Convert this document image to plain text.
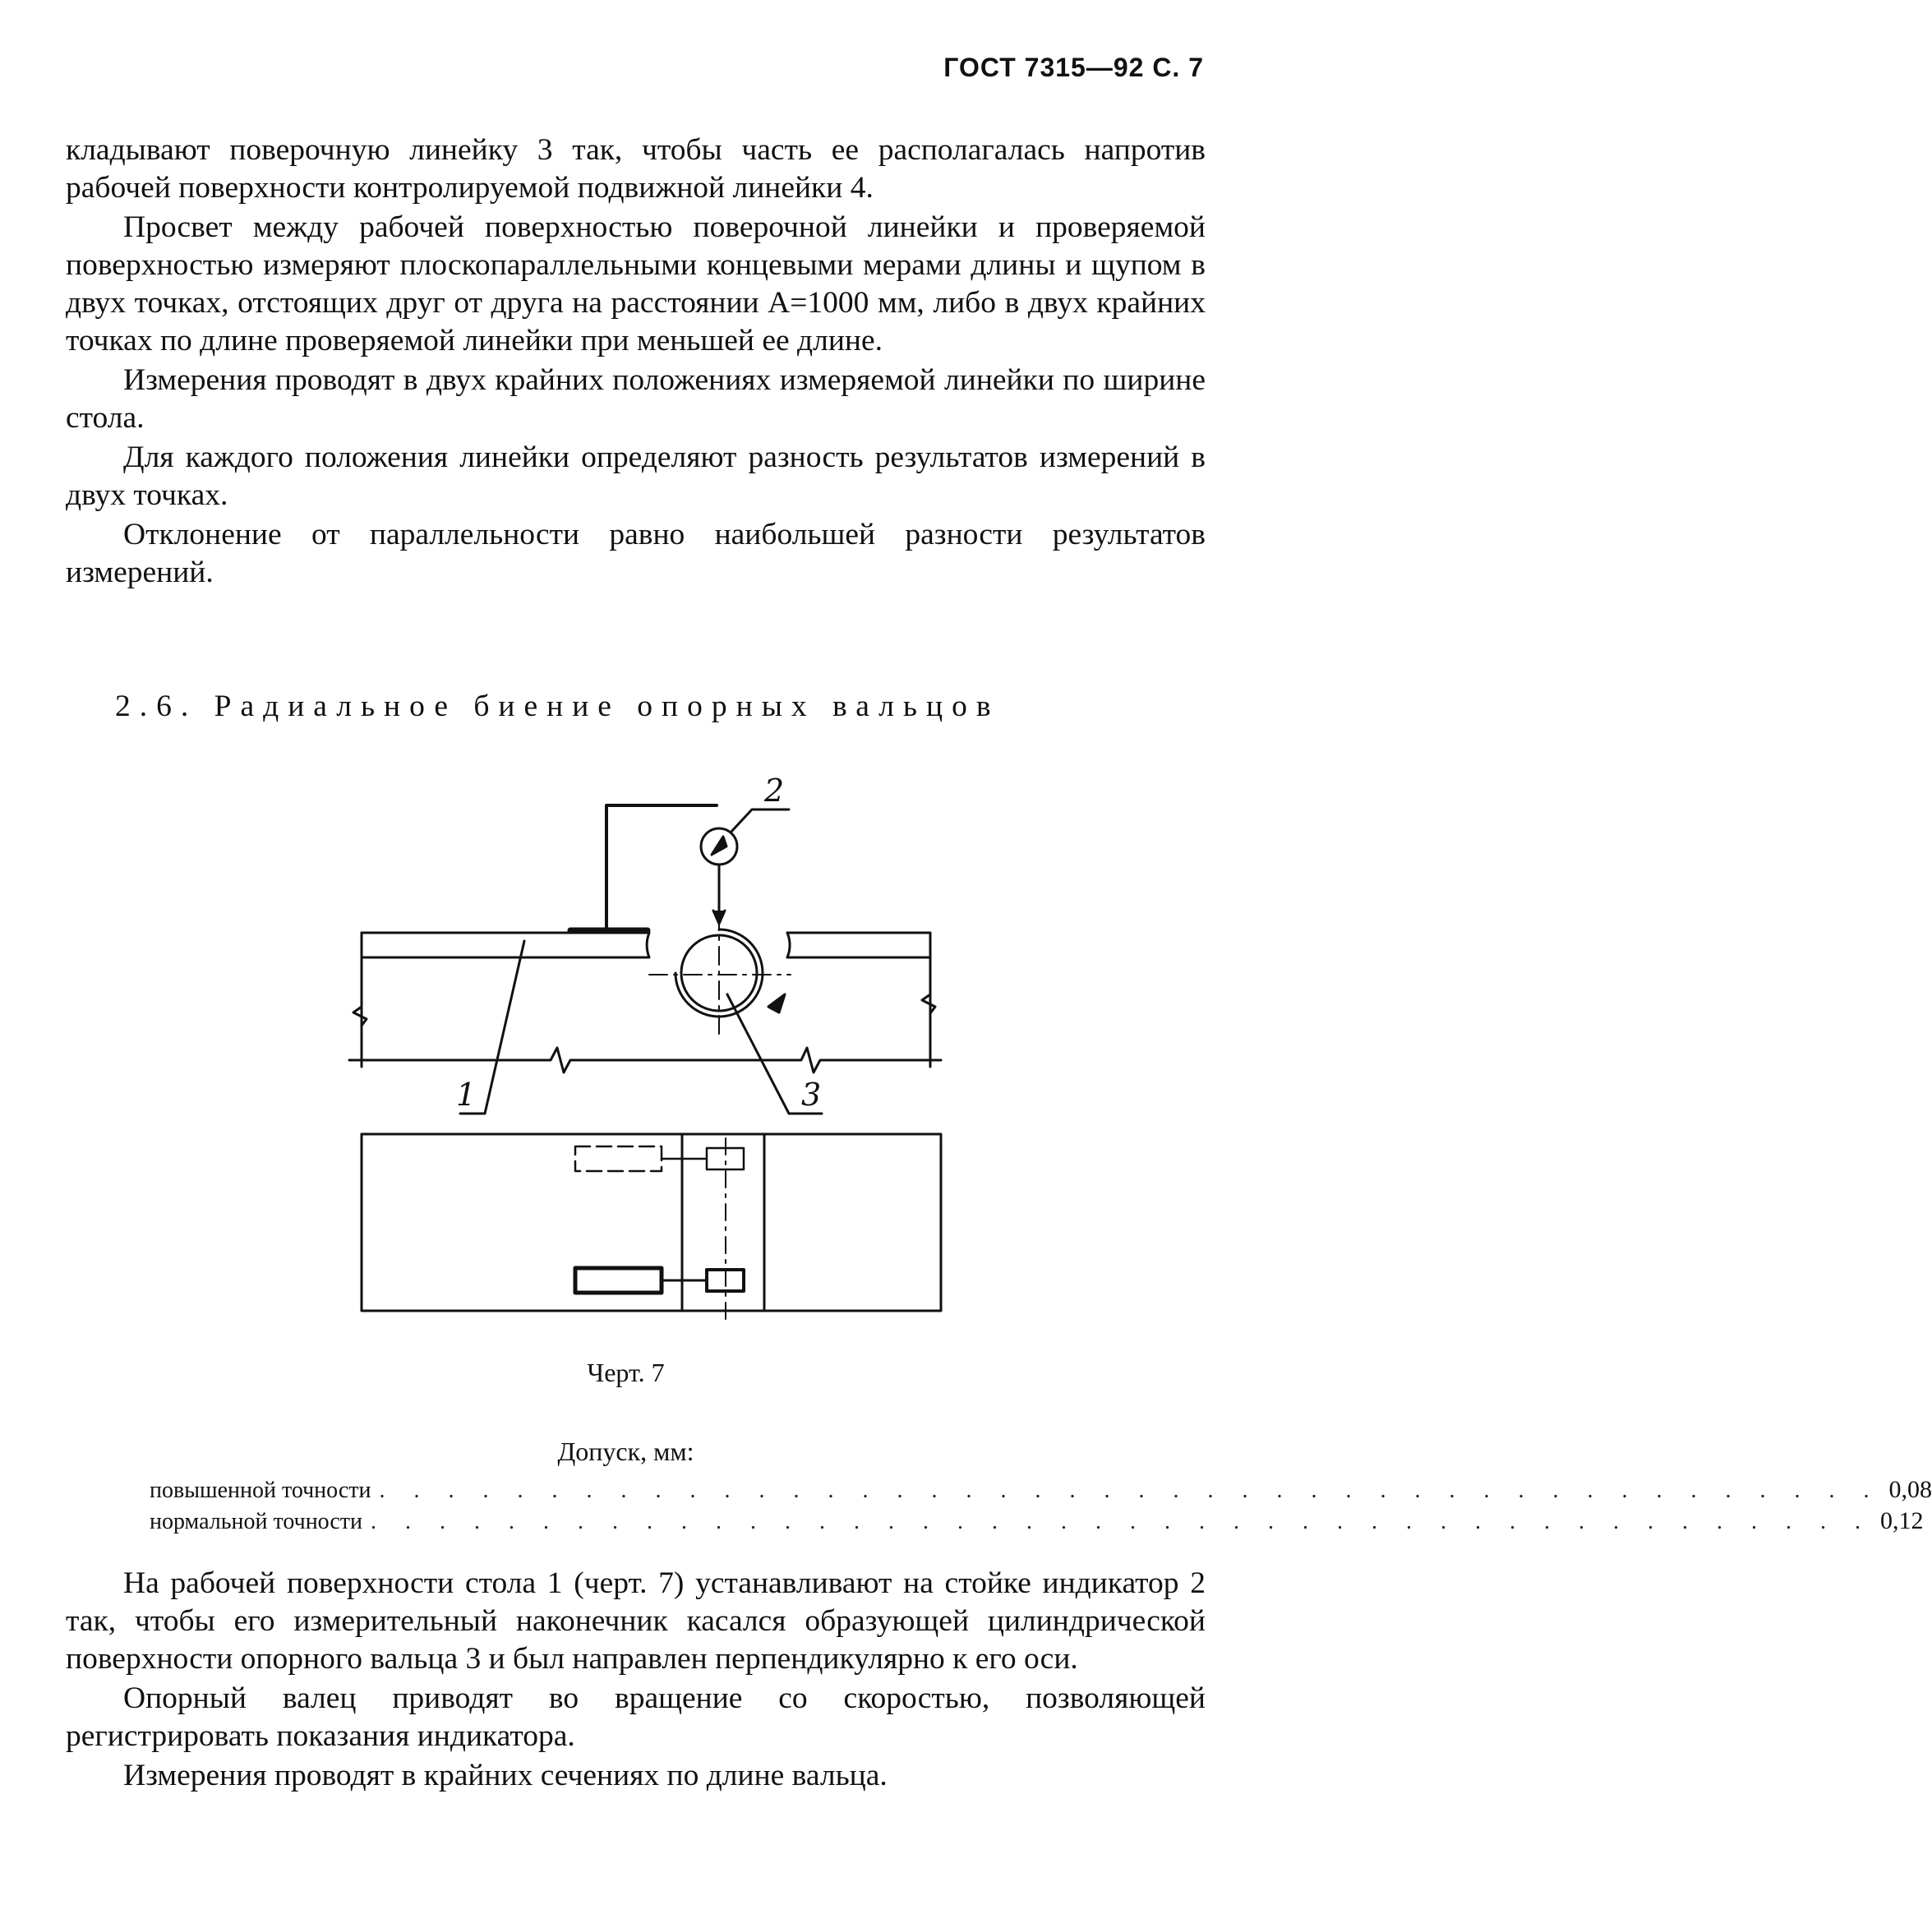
ГОСТ 7315—92 С. 7

кладывают поверочную линейку 3 так, чтобы часть ее располагалась напротив рабочей поверхности контролируемой подвижной линейки 4.

Просвет между рабочей поверхностью поверочной линейки и проверяемой поверхностью измеряют плоскопараллельными концевыми мерами длины и щупом в двух точках, отстоящих друг от друга на расстоянии А=1000 мм, либо в двух крайних точках по длине проверяемой линейки при меньшей ее длине.

Измерения проводят в двух крайних положениях измеряемой линейки по ширине стола.

Для каждого положения линейки определяют разность результатов измерений в двух точках.

Отклонение от параллельности равно наибольшей разности результатов измерений.

2.6. Радиальное биение опорных вальцов
1
2
3
Черт. 7
Допуск, мм:
повышенной точности . . . . . . . . . . . . . . . . . . . . . . . . . . . . . . . . . . . . . . . . . . . . 0,08
нормальной точности . . . . . . . . . . . . . . . . . . . . . . . . . . . . . . . . . . . . . . . . . . . . 0,12

На рабочей поверхности стола 1 (черт. 7) устанавливают на стойке индикатор 2 так, чтобы его измерительный наконечник касался образующей цилиндрической поверхности опорного вальца 3 и был направлен перпендикулярно к его оси.

Опорный валец приводят во вращение со скоростью, позволяющей регистрировать показания индикатора.

Измерения проводят в крайних сечениях по длине вальца.
